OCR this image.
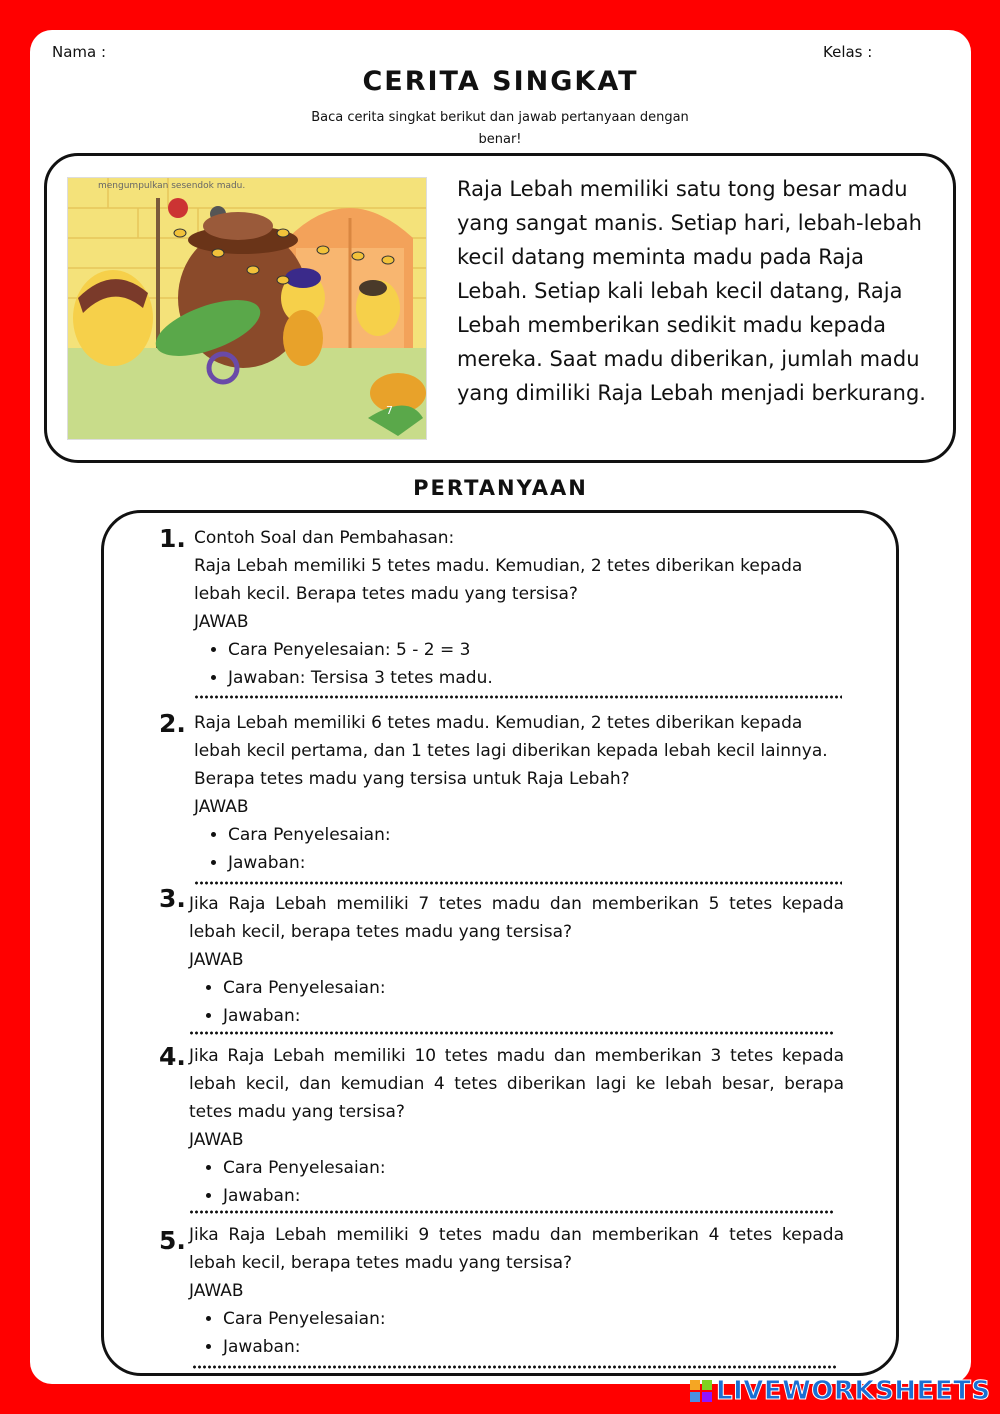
Nama :	Kelas :
CERITA SINGKAT
Baca cerita singkat berikut dan jawab pertanyaan dengan benar!
mengumpulkan sesendok madu.
7
Raja Lebah memiliki satu tong besar madu yang sangat manis. Setiap hari, lebah-lebah kecil datang meminta madu pada Raja Lebah. Setiap kali lebah kecil datang, Raja Lebah memberikan sedikit madu kepada mereka. Saat madu diberikan, jumlah madu yang dimiliki Raja Lebah menjadi berkurang.
PERTANYAAN
1. Contoh Soal dan Pembahasan:
Raja Lebah memiliki 5 tetes madu. Kemudian, 2 tetes diberikan kepada lebah kecil. Berapa tetes madu yang tersisa?
JAWAB
• Cara Penyelesaian: 5 - 2 = 3
• Jawaban: Tersisa 3 tetes madu.
2. Raja Lebah memiliki 6 tetes madu. Kemudian, 2 tetes diberikan kepada lebah kecil pertama, dan 1 tetes lagi diberikan kepada lebah kecil lainnya. Berapa tetes madu yang tersisa untuk Raja Lebah?
JAWAB
• Cara Penyelesaian:
• Jawaban:
3. Jika Raja Lebah memiliki 7 tetes madu dan memberikan 5 tetes kepada lebah kecil, berapa tetes madu yang tersisa?
JAWAB
• Cara Penyelesaian:
• Jawaban:
4. Jika Raja Lebah memiliki 10 tetes madu dan memberikan 3 tetes kepada lebah kecil, dan kemudian 4 tetes diberikan lagi ke lebah besar, berapa tetes madu yang tersisa?
JAWAB
• Cara Penyelesaian:
• Jawaban:
5. Jika Raja Lebah memiliki 9 tetes madu dan memberikan 4 tetes kepada lebah kecil, berapa tetes madu yang tersisa?
JAWAB
• Cara Penyelesaian:
• Jawaban:
LIVEWORKSHEETS
